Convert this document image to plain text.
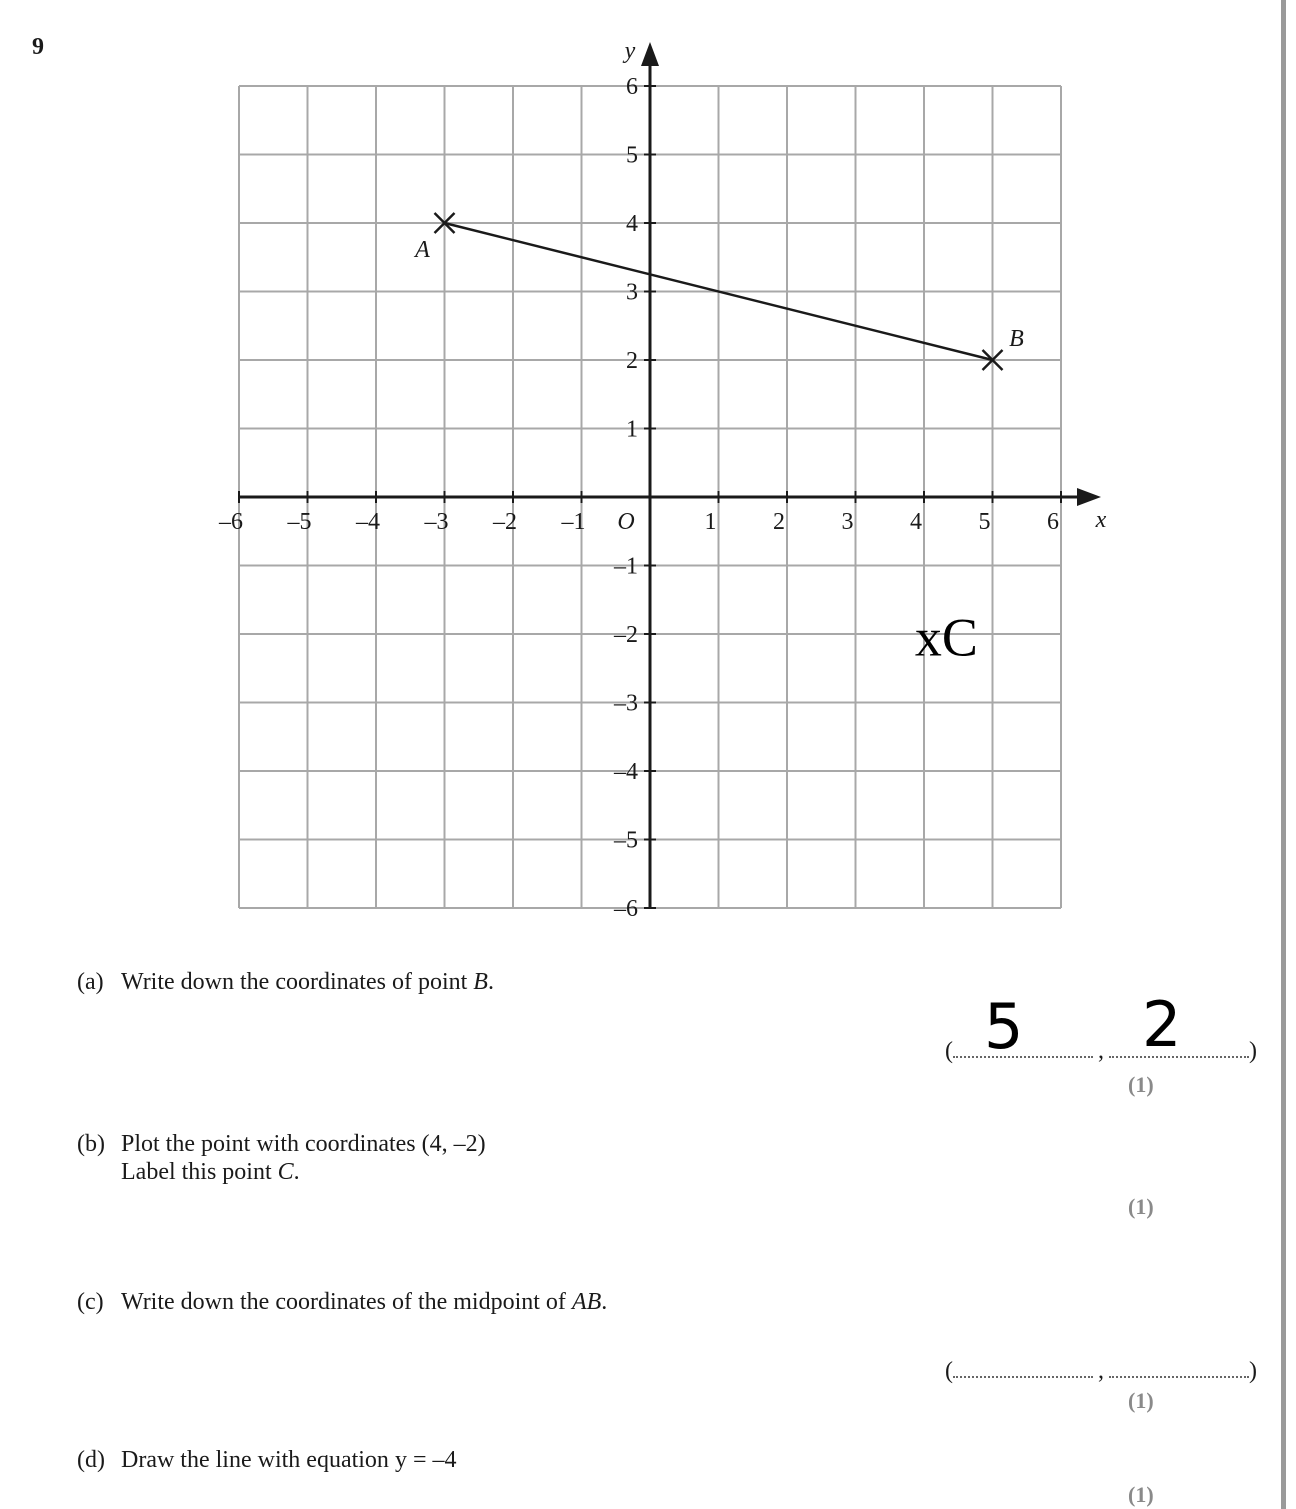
9
x
y
O
–6 –5 –4 –3 –2 –1	1 2 3 4 5 6
6
5
4
3
2
1
–1
–2
–3
–4
–5
–6
A
B
xC
(a) Write down the coordinates of point B.
(	,	)
5 2
(1)
(b) Plot the point with coordinates (4, –2)
Label this point C.
(1)
(c) Write down the coordinates of the midpoint of AB.
(	,	)
(1)
(d) Draw the line with equation y = –4
(1)
